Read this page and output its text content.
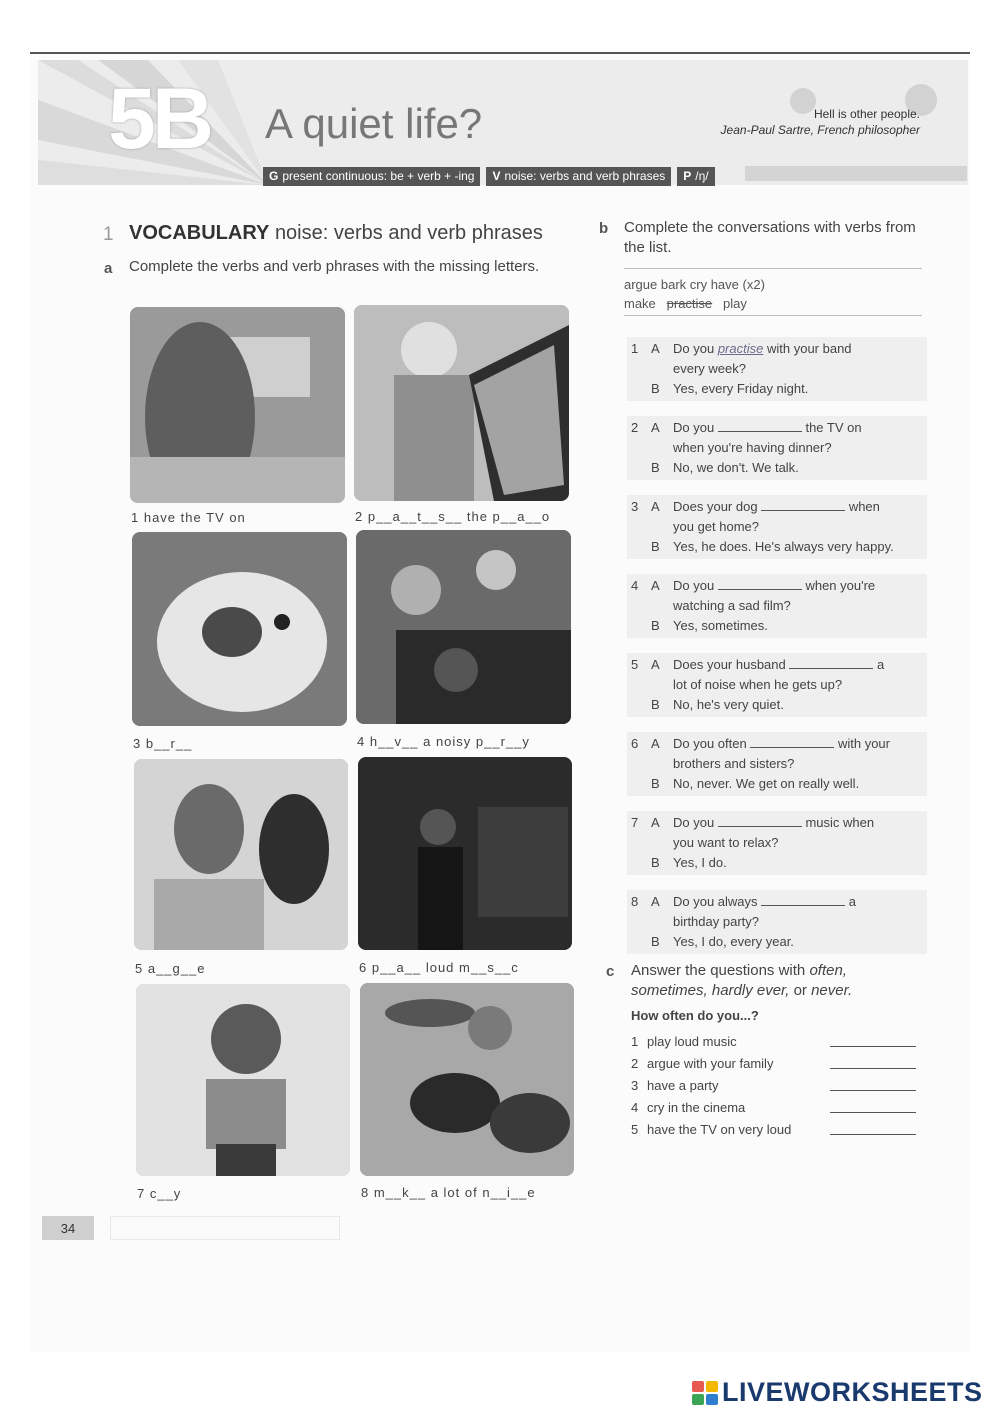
5B A quiet life?	Hell is other people.
Jean-Paul Sartre, French philosopher
G present continuous: be + verb + -ing V noise: verbs and verb phrases P /ŋ/
1 VOCABULARY noise: verbs and verb phrases
a Complete the verbs and verb phrases with the missing letters.
1 have the TV on	2 p__a__t__s__ the p__a__o
3 b__r__	4 h__v__ a noisy p__r__y
5 a__g__e	6 p__a__ loud m__s__c
7 c__y	8 m__k__ a lot of n__i__e
b Complete the conversations with verbs from the list.
argue bark cry have (x2)
make practise play
1 A	Do you practise with your band
every week?
B	Yes, every Friday night.
2 A	Do you	the TV on
when you're having dinner?
B	No, we don't. We talk.
3 A	Does your dog	when
you get home?
B	Yes, he does. He's always very happy.
4 A	Do you	when you're
watching a sad film?
B	Yes, sometimes.
5 A	Does your husband	a
lot of noise when he gets up?
B	No, he's very quiet.
6 A	Do you often	with your
brothers and sisters?
B	No, never. We get on really well.
7 A	Do you	music when
you want to relax?
B	Yes, I do.
8 A	Do you always	a
birthday party?
B	Yes, I do, every year.
c Answer the questions with often, sometimes, hardly ever, or never.
How often do you...?
1 play loud music
2 argue with your family
3 have a party
4 cry in the cinema
5 have the TV on very loud
34
LIVEWORKSHEETS
